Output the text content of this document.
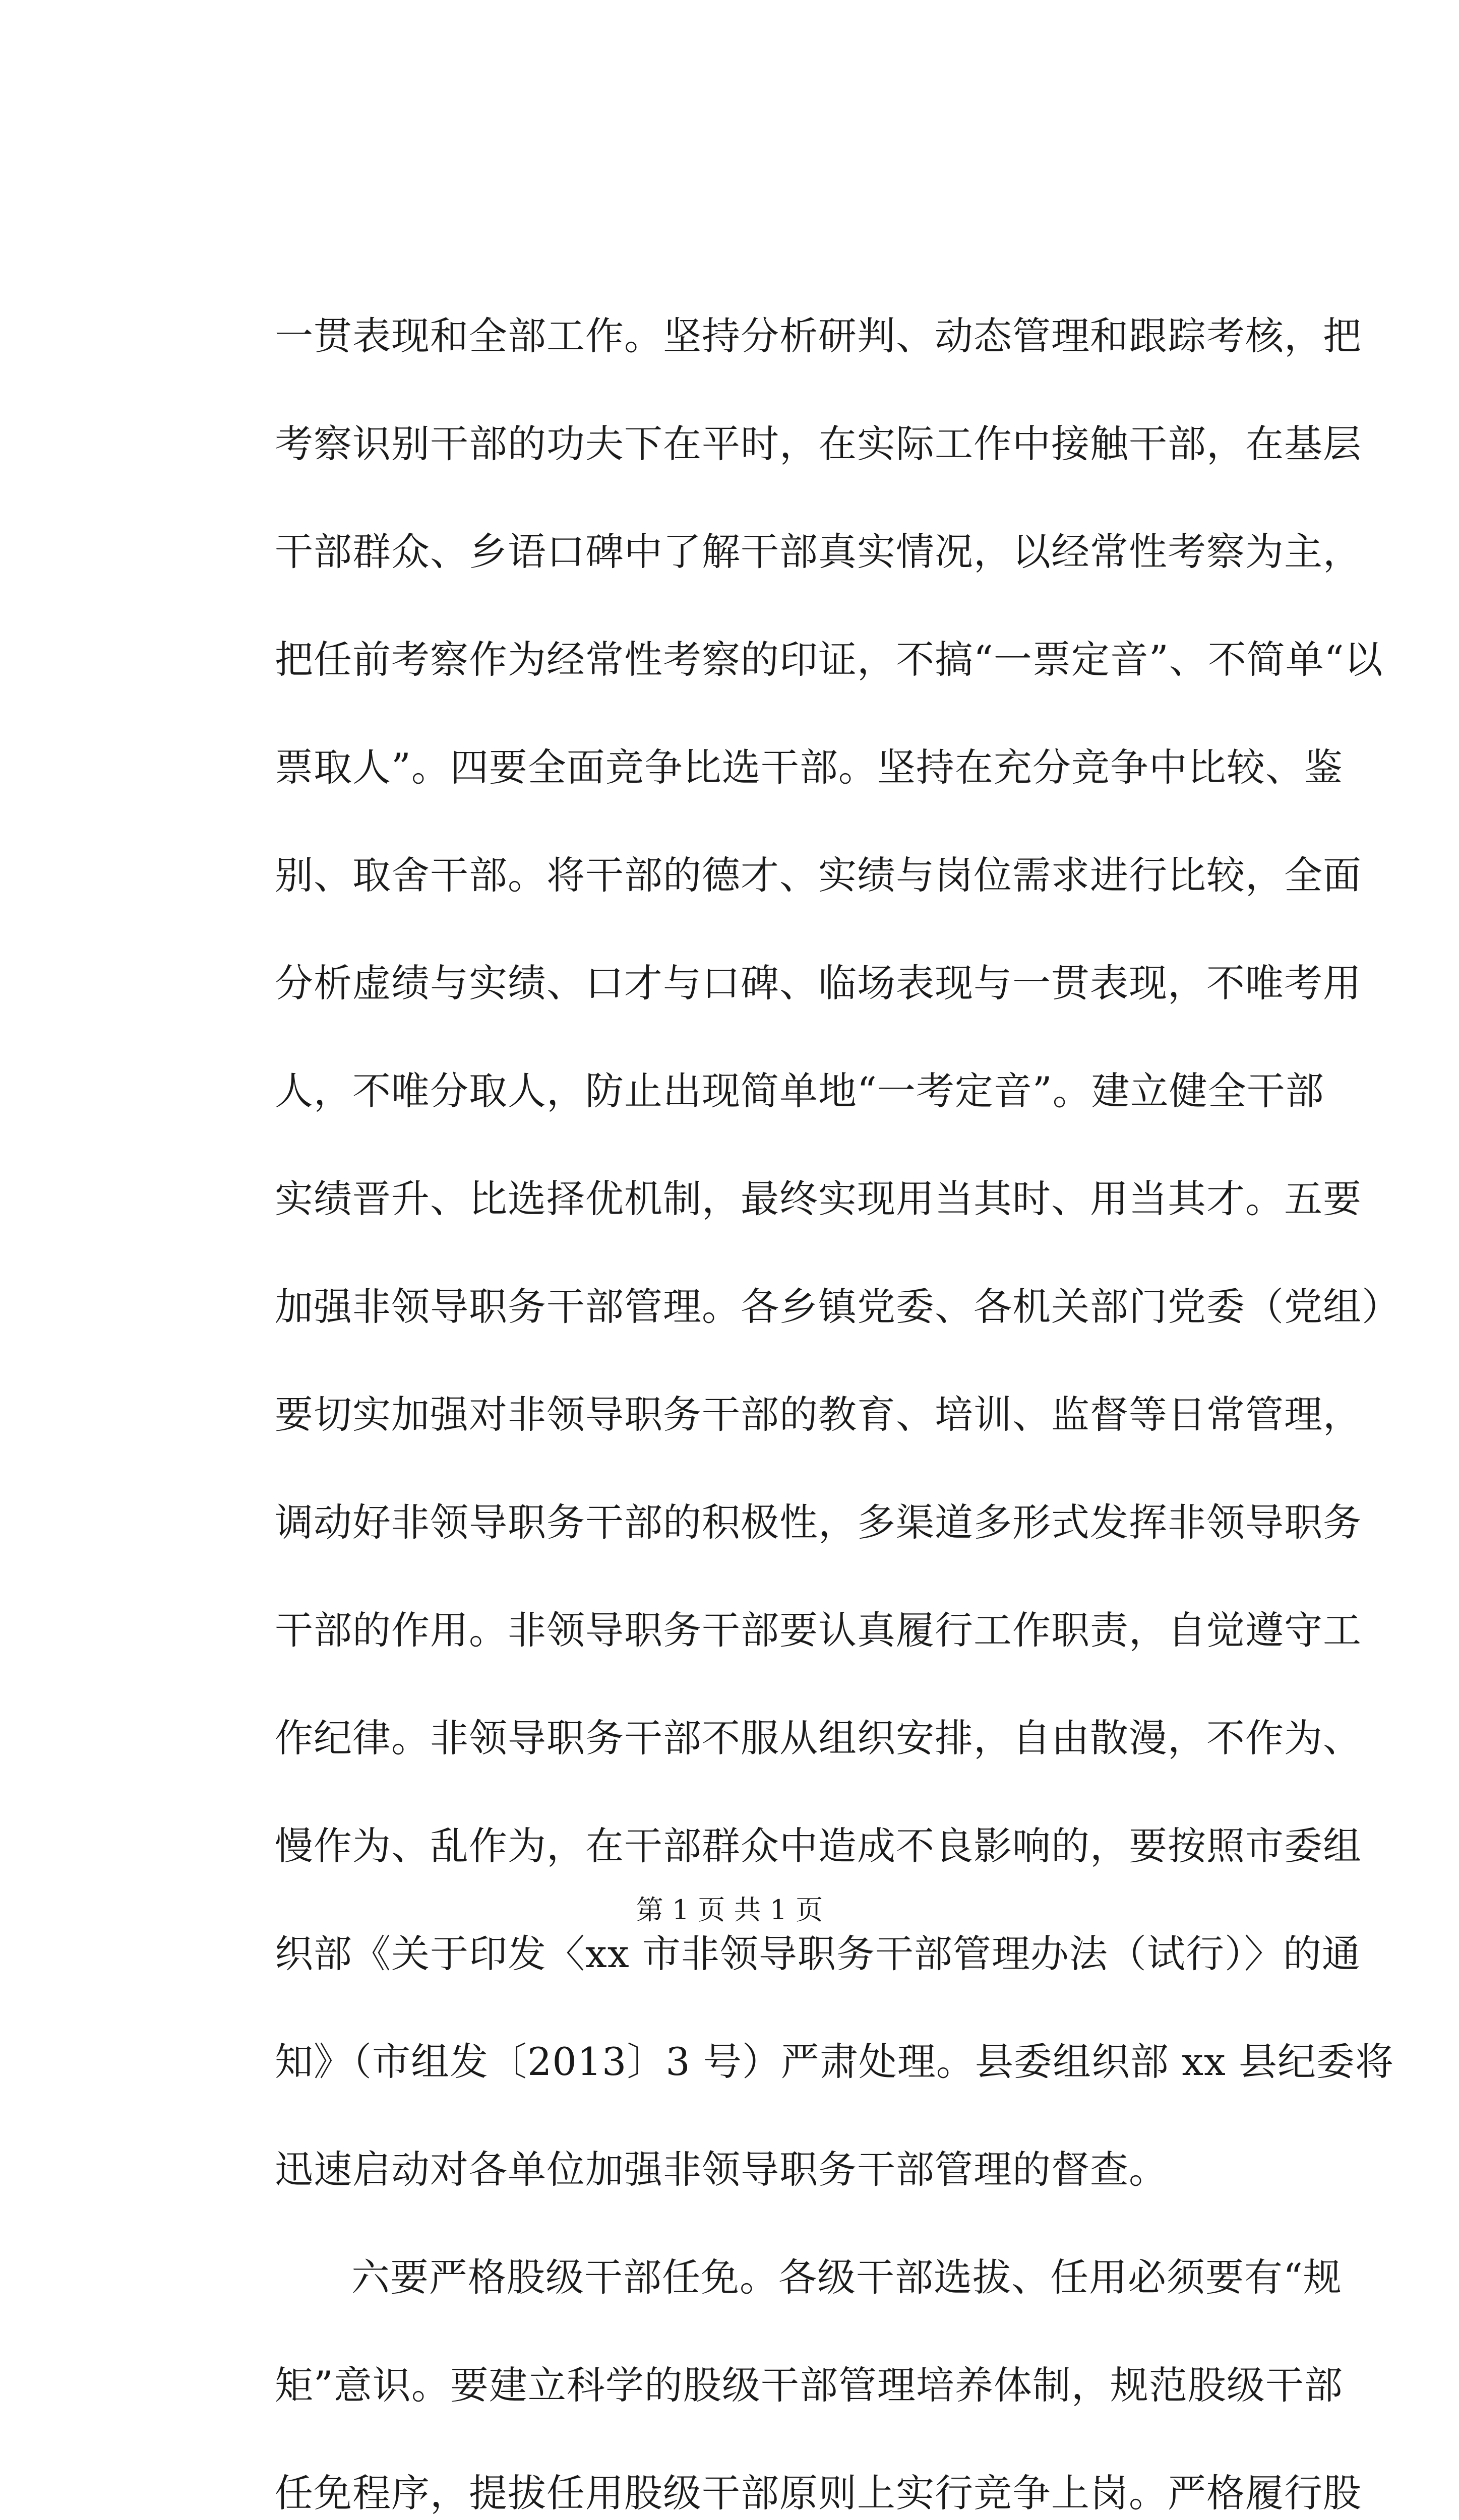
一贯表现和全部工作。坚持分析研判、动态管理和跟踪考核，把
考察识别干部的功夫下在平时，在实际工作中接触干部，在基层
干部群众、乡语口碑中了解干部真实情况，以经常性考察为主，
把任前考察作为经常性考察的印证，不搞“一票定音”、不简单“以
票取人”。四要全面竞争比选干部。坚持在充分竞争中比较、鉴
别、取舍干部。将干部的德才、实绩与岗位需求进行比较，全面
分析虚绩与实绩、口才与口碑、临场表现与一贯表现，不唯考用
人，不唯分取人，防止出现简单地“一考定音”。建立健全干部
实绩晋升、比选择优机制，最终实现用当其时、用当其才。五要
加强非领导职务干部管理。各乡镇党委、各机关部门党委（党组）
要切实加强对非领导职务干部的教育、培训、监督等日常管理，
调动好非领导职务干部的积极性，多渠道多形式发挥非领导职务
干部的作用。非领导职务干部要认真履行工作职责，自觉遵守工
作纪律。非领导职务干部不服从组织安排，自由散漫，不作为、
慢作为、乱作为，在干部群众中造成不良影响的，要按照市委组
织部《关于印发〈xx 市非领导职务干部管理办法（试行）〉的通
知》（市组发〔2013〕3 号）严肃处理。县委组织部 xx 县纪委将
迅速启动对各单位加强非领导职务干部管理的督查。
六要严格股级干部任免。各级干部选拔、任用必须要有“规
矩”意识。要建立科学的股级干部管理培养体制，规范股级干部
任免程序，提拔任用股级干部原则上实行竞争上岗。严格履行股
第 1 页 共 1 页
